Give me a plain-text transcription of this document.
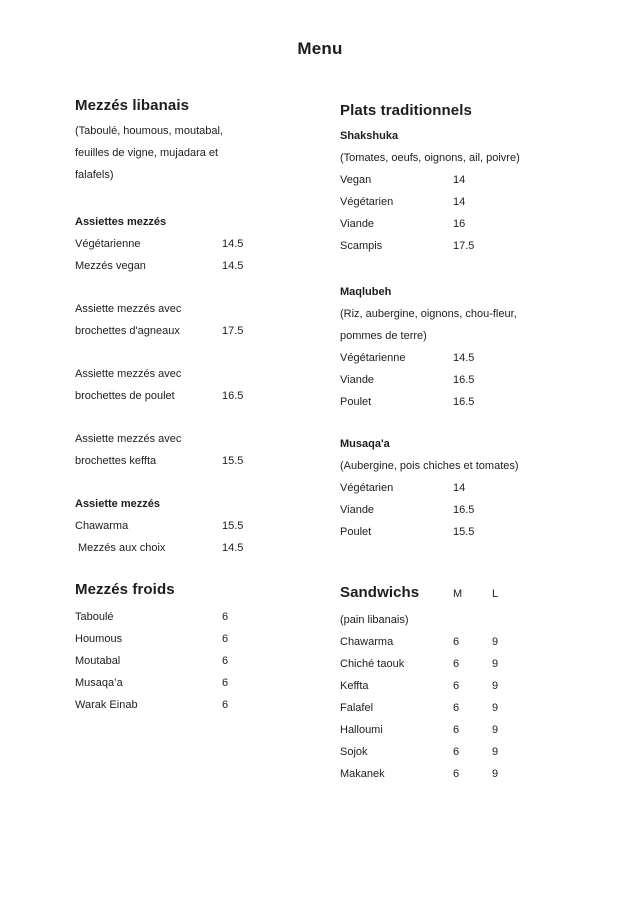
Menu
Mezzés libanais
(Taboulé, houmous, moutabal,
feuilles de vigne, mujadara et
falafels)
Assiettes mezzés
Végétarienne	14.5
Mezzés vegan	14.5
Assiette mezzés avec
brochettes d'agneaux	17.5
Assiette mezzés avec
brochettes de poulet	16.5
Assiette mezzés avec
brochettes keffta	15.5
Assiette mezzés
Chawarma	15.5
Mezzés aux choix	14.5
Mezzés froids
Taboulé	6
Houmous	6
Moutabal	6
Musaqa’a	6
Warak Einab	6
Plats traditionnels
Shakshuka
(Tomates, oeufs, oignons, ail, poivre)
Vegan	14
Végétarien	14
Viande	16
Scampis	17.5
Maqlubeh
(Riz, aubergine, oignons, chou-fleur,
pommes de terre)
Végétarienne	14.5
Viande	16.5
Poulet	16.5
Musaqa'a
(Aubergine, pois chiches et tomates)
Végétarien	14
Viande	16.5
Poulet	15.5
Sandwichs	M	L
(pain libanais)
Chawarma	6	9
Chiché taouk	6	9
Keffta	6	9
Falafel	6	9
Halloumi	6	9
Sojok	6	9
Makanek	6	9
